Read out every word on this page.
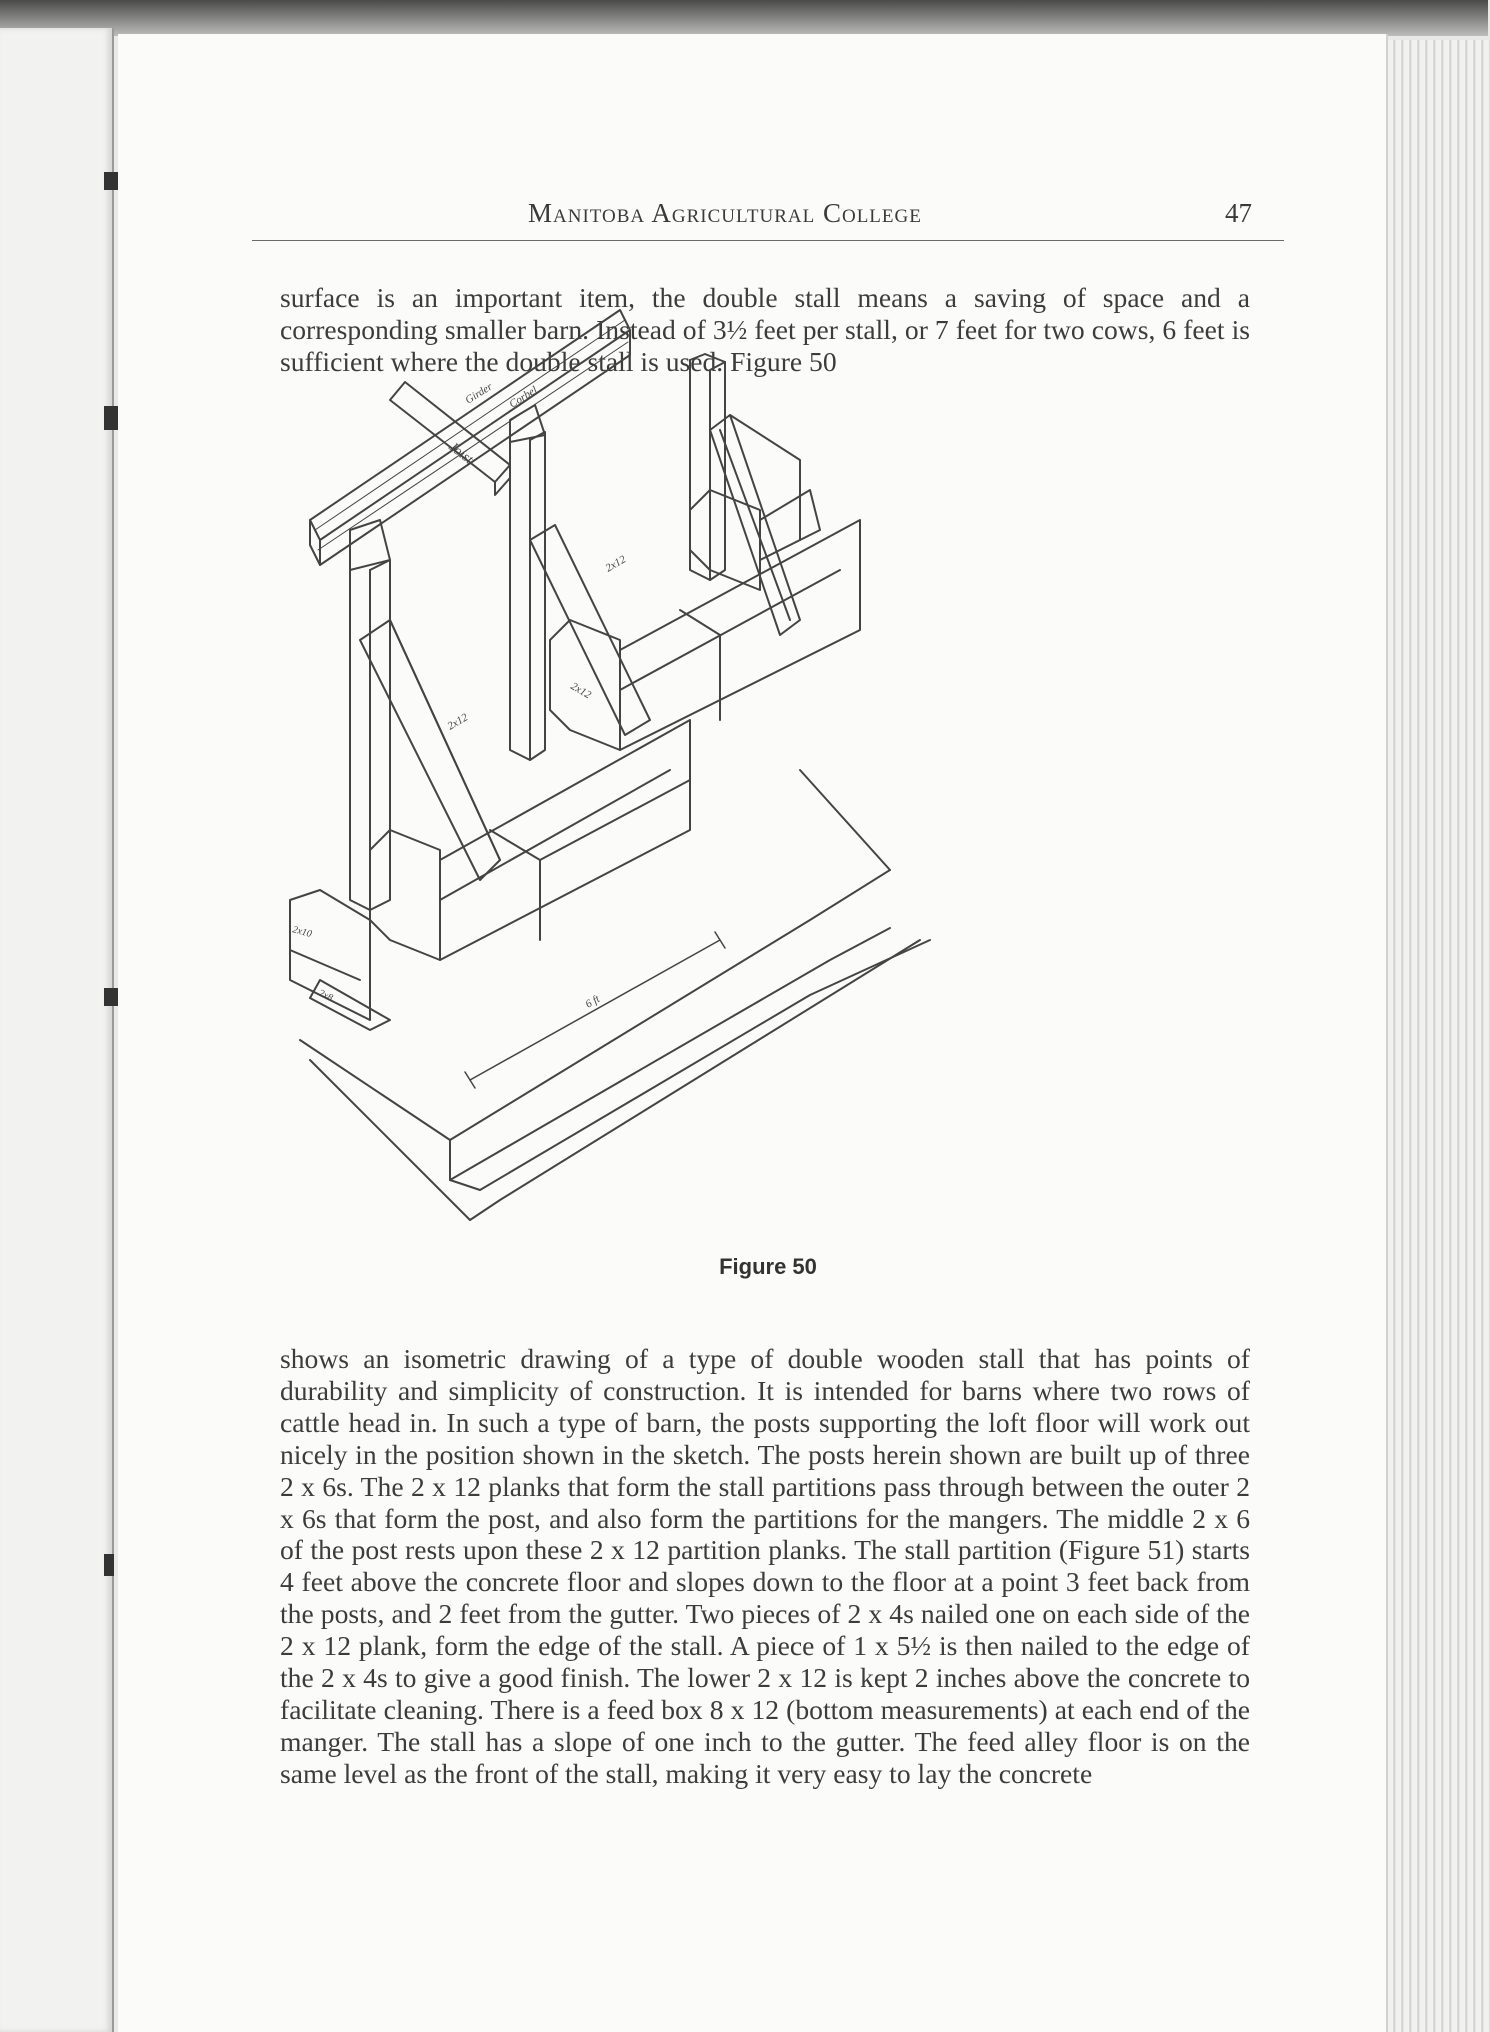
Manitoba Agricultural College	47

surface is an important item, the double stall means a saving of space and a corresponding smaller barn. Instead of 3½ feet per stall, or 7 feet for two cows, 6 feet is sufficient where the double stall is used. Figure 50

Joist
Girder Corbel
2x12
2x12
2x12
2x10
2x8	6 ft
Figure 50

shows an isometric drawing of a type of double wooden stall that has points of durability and simplicity of construction. It is intended for barns where two rows of cattle head in. In such a type of barn, the posts supporting the loft floor will work out nicely in the position shown in the sketch. The posts herein shown are built up of three 2 x 6s. The 2 x 12 planks that form the stall partitions pass through between the outer 2 x 6s that form the post, and also form the partitions for the mangers. The middle 2 x 6 of the post rests upon these 2 x 12 partition planks. The stall partition (Figure 51) starts 4 feet above the concrete floor and slopes down to the floor at a point 3 feet back from the posts, and 2 feet from the gutter. Two pieces of 2 x 4s nailed one on each side of the 2 x 12 plank, form the edge of the stall. A piece of 1 x 5½ is then nailed to the edge of the 2 x 4s to give a good finish. The lower 2 x 12 is kept 2 inches above the concrete to facilitate cleaning. There is a feed box 8 x 12 (bottom measurements) at each end of the manger. The stall has a slope of one inch to the gutter. The feed alley floor is on the same level as the front of the stall, making it very easy to lay the concrete
